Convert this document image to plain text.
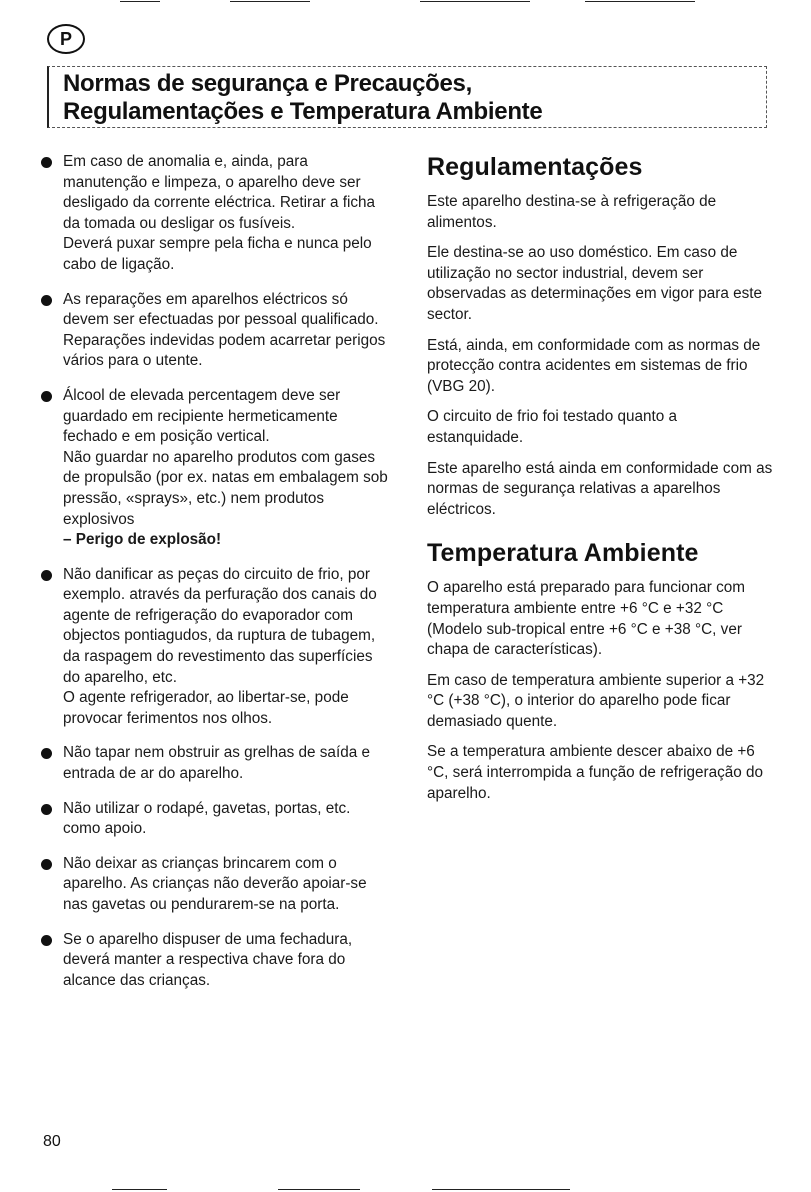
P
Normas de segurança e Precauções,
Regulamentações e Temperatura Ambiente
Em caso de anomalia e, ainda, para manutenção e limpeza, o aparelho deve ser desligado da corrente eléctrica. Retirar a ficha da tomada ou desligar os fusíveis.
Deverá puxar sempre pela ficha e nunca pelo cabo de ligação.
As reparações em aparelhos eléctricos só devem ser efectuadas por pessoal qualificado. Reparações indevidas podem acarretar perigos vários para o utente.
Álcool de elevada percentagem deve ser guardado em recipiente hermeticamente fechado e em posição vertical.
Não guardar no aparelho produtos com gases de propulsão (por ex. natas em embalagem sob pressão, «sprays», etc.) nem produtos explosivos
– Perigo de explosão!
Não danificar as peças do circuito de frio, por exemplo. através da perfuração dos canais do agente de refrigeração do evaporador com objectos pontiagudos, da ruptura de tubagem, da raspagem do revestimento das superfícies do aparelho, etc.
O agente refrigerador, ao libertar-se, pode provocar ferimentos nos olhos.
Não tapar nem obstruir as grelhas de saída e entrada de ar do aparelho.
Não utilizar o rodapé, gavetas, portas, etc. como apoio.
Não deixar as crianças brincarem com o aparelho. As crianças não deverão apoiar-se nas gavetas ou pendurarem-se na porta.
Se o aparelho dispuser de uma fechadura, deverá manter a respectiva chave fora do alcance das crianças.
Regulamentações

Este aparelho destina-se à refrigeração de alimentos.

Ele destina-se ao uso doméstico. Em caso de utilização no sector industrial, devem ser observadas as determinações em vigor para este sector.

Está, ainda, em conformidade com as normas de protecção contra acidentes em sistemas de frio (VBG 20).

O circuito de frio foi testado quanto a estanquidade.

Este aparelho está ainda em conformidade com as normas de segurança relativas a aparelhos eléctricos.

Temperatura Ambiente

O aparelho está preparado para funcionar com temperatura ambiente entre +6 °C e +32 °C (Modelo sub-tropical entre +6 °C e +38 °C, ver chapa de características).

Em caso de temperatura ambiente superior a +32 °C (+38 °C), o interior do aparelho pode ficar demasiado quente.

Se a temperatura ambiente descer abaixo de +6 °C, será interrompida a função de refrigeração do aparelho.

80
